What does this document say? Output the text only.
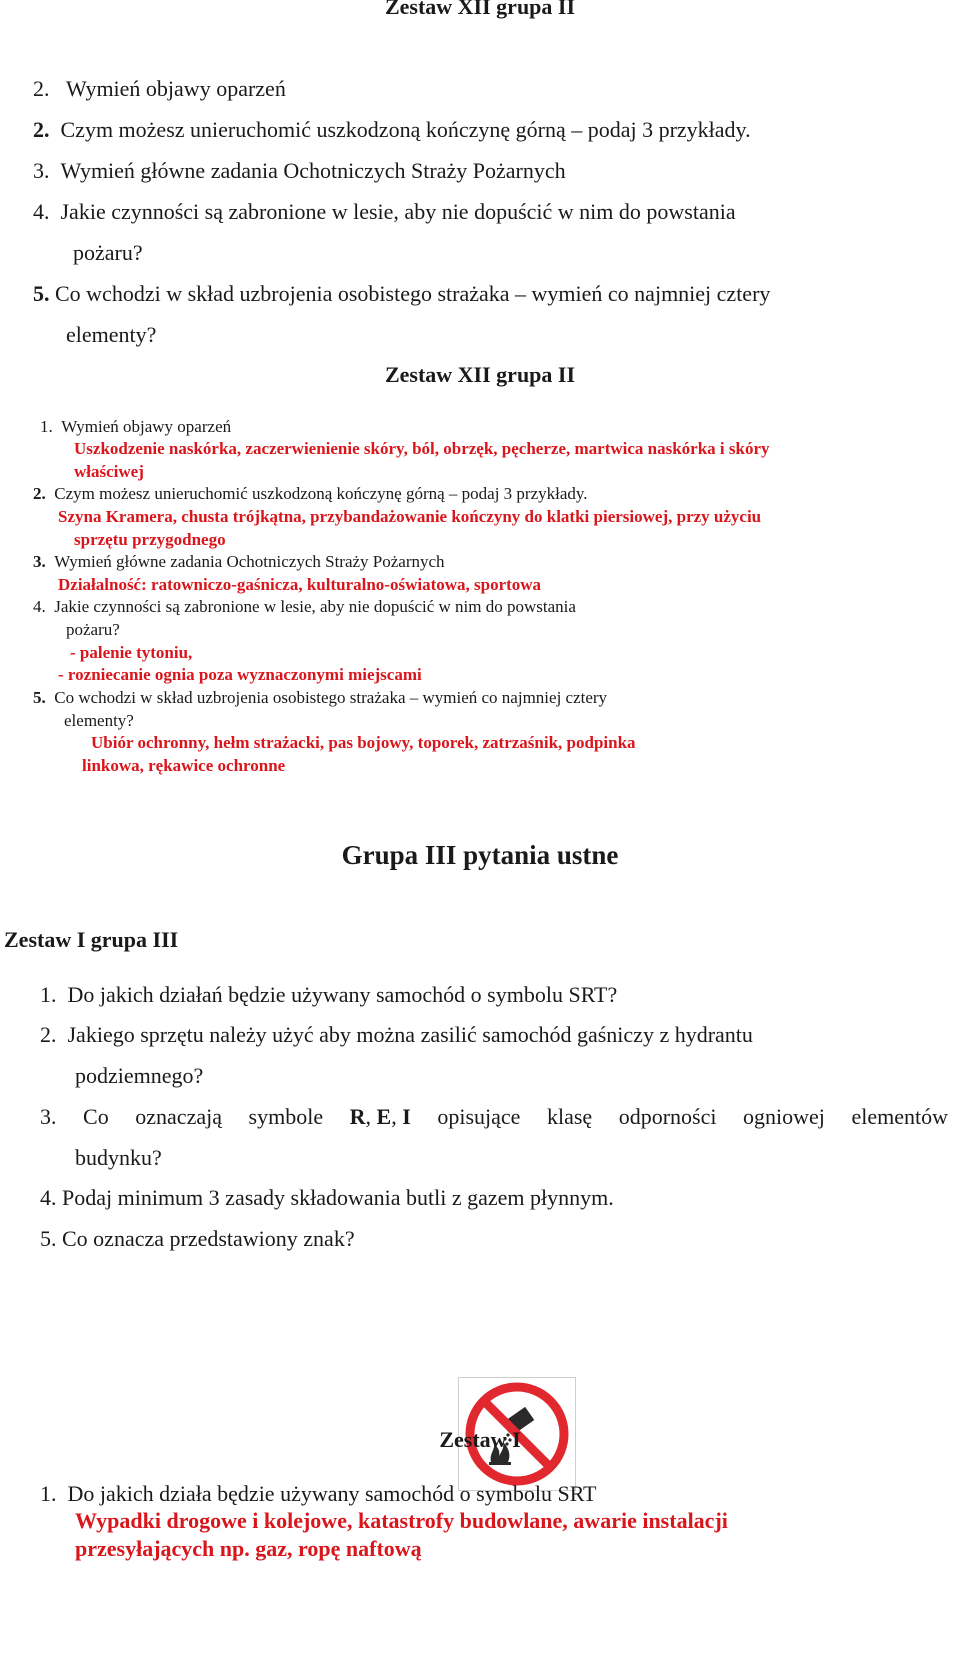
Zestaw XII grupa II
2. Wymień objawy oparzeń
2. Czym możesz unieruchomić uszkodzoną kończynę górną – podaj 3 przykłady.
3. Wymień główne zadania Ochotniczych Straży Pożarnych
4. Jakie czynności są zabronione w lesie, aby nie dopuścić w nim do powstania
pożaru?
5. Co wchodzi w skład uzbrojenia osobistego strażaka – wymień co najmniej cztery
elementy?
Zestaw XII grupa II
1. Wymień objawy oparzeń
Uszkodzenie naskórka, zaczerwienienie skóry, ból, obrzęk, pęcherze, martwica naskórka i skóry
właściwej
2. Czym możesz unieruchomić uszkodzoną kończynę górną – podaj 3 przykłady.
Szyna Kramera, chusta trójkątna, przybandażowanie kończyny do klatki piersiowej, przy użyciu
sprzętu przygodnego
3. Wymień główne zadania Ochotniczych Straży Pożarnych
Działalność: ratowniczo-gaśnicza, kulturalno-oświatowa, sportowa
4. Jakie czynności są zabronione w lesie, aby nie dopuścić w nim do powstania
pożaru?
- palenie tytoniu,
- rozniecanie ognia poza wyznaczonymi miejscami
5. Co wchodzi w skład uzbrojenia osobistego strażaka – wymień co najmniej cztery
elementy?
Ubiór ochronny, hełm strażacki, pas bojowy, toporek, zatrzaśnik, podpinka
linkowa, rękawice ochronne
Grupa III pytania ustne
Zestaw I grupa III
1. Do jakich działań będzie używany samochód o symbolu SRT?
2. Jakiego sprzętu należy użyć aby można zasilić samochód gaśniczy z hydrantu
podziemnego?
3. Co oznaczają symbole R, E, I opisujące klasę odporności ogniowej elementów
budynku?
4. Podaj minimum 3 zasady składowania butli z gazem płynnym.
5. Co oznacza przedstawiony znak?
Zestaw I
1. Do jakich działa będzie używany samochód o symbolu SRT
Wypadki drogowe i kolejowe, katastrofy budowlane, awarie instalacji
przesyłających np. gaz, ropę naftową
